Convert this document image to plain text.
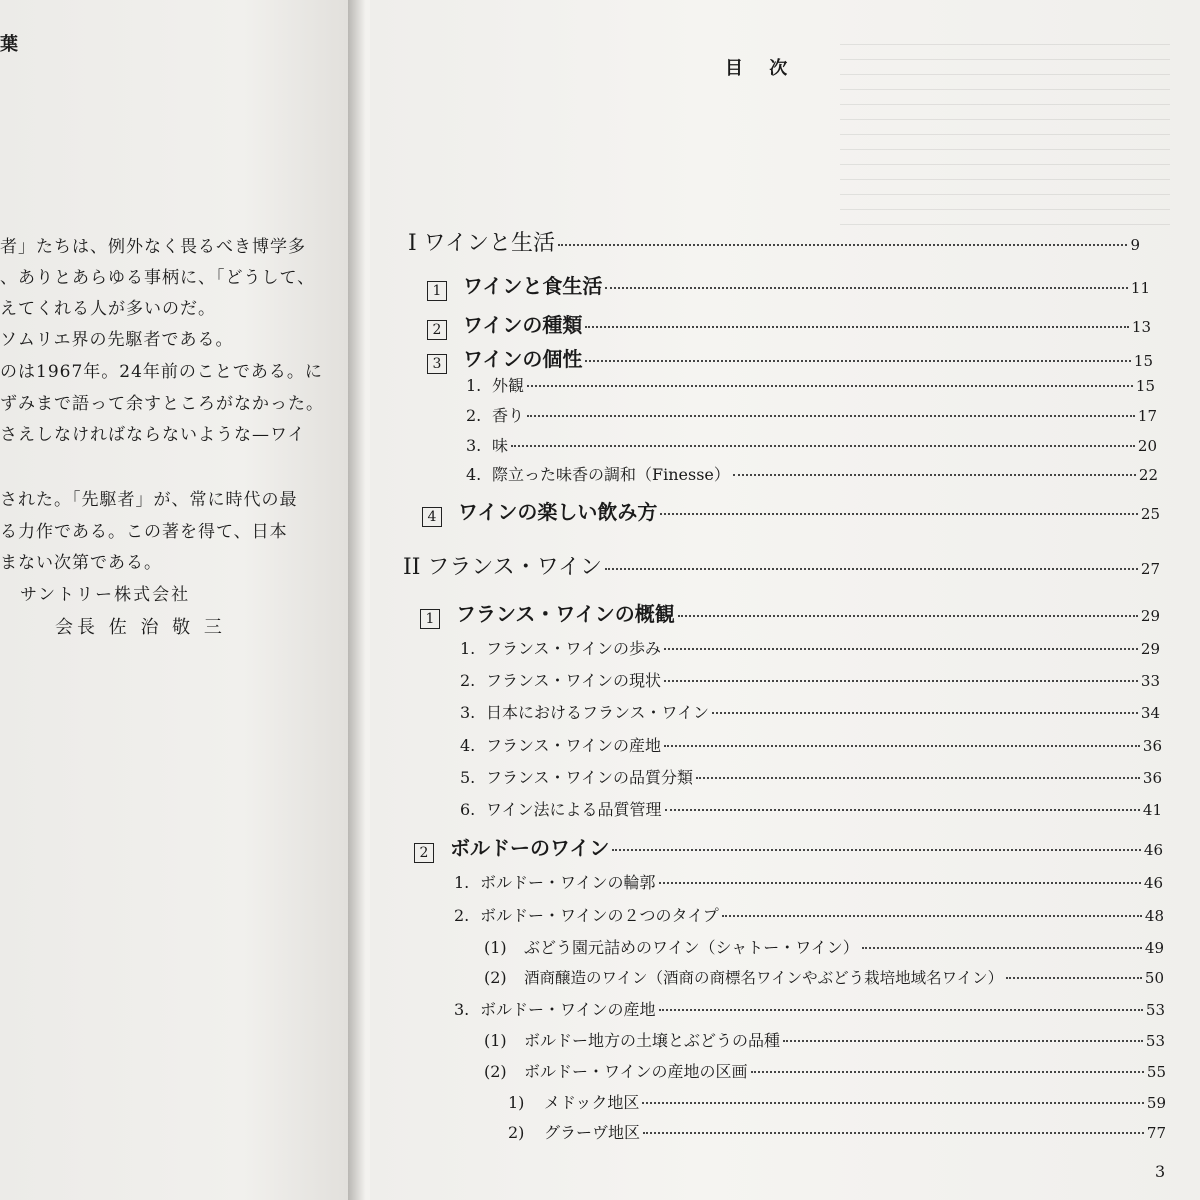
葉
者」たちは、例外なく畏るべき博学多
、ありとあらゆる事柄に、「どうして、
えてくれる人が多いのだ。
ソムリエ界の先駆者である。
のは1967年。24年前のことである。に
ずみまで語って余すところがなかった。
さえしなければならないような—ワイ
された。「先駆者」が、常に時代の最
る力作である。この著を得て、日本
まない次第である。
サントリー株式会社
会長 佐 治 敬 三
目 次
I ワインと生活	9
1 ワインと食生活	11
2 ワインの種類	13
3 ワインの個性	15
1. 外観	15
2. 香り	17
3. 味	20
4. 際立った味香の調和（Finesse）	22
4 ワインの楽しい飲み方	25
II フランス・ワイン	27
1 フランス・ワインの概観	29
1. フランス・ワインの歩み	29
2. フランス・ワインの現状	33
3. 日本におけるフランス・ワイン	34
4. フランス・ワインの産地	36
5. フランス・ワインの品質分類	36
6. ワイン法による品質管理	41
2 ボルドーのワイン	46
1. ボルドー・ワインの輪郭	46
2. ボルドー・ワインの２つのタイプ	48
(1)	ぶどう園元詰めのワイン（シャトー・ワイン）	49
(2)	酒商醸造のワイン（酒商の商標名ワインやぶどう栽培地域名ワイン）	50
3. ボルドー・ワインの産地	53
(1)	ボルドー地方の土壌とぶどうの品種	53
(2)	ボルドー・ワインの産地の区画	55
1)	メドック地区	59
2)	グラーヴ地区	77
3
